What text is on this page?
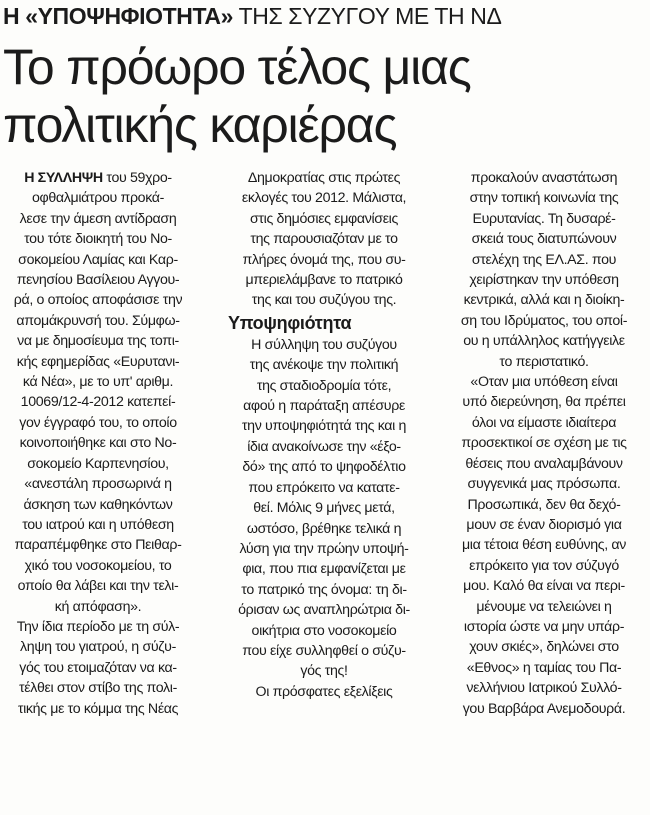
Η «ΥΠΟΨΗΦΙΟΤΗΤΑ» ΤΗΣ ΣΥΖΥΓΟΥ ΜΕ ΤΗ ΝΔ
Το πρόωρο τέλος μιας
πολιτικής καριέρας

Η ΣΥΛΛΗΨΗ του 59χρο-

οφθαλμιάτρου προκά-

λεσε την άμεση αντίδραση

του τότε διοικητή του Νο-

σοκομείου Λαμίας και Καρ-

πενησίου Βασίλειου Αγγου-

ρά, ο οποίος αποφάσισε την

απομάκρυνσή του. Σύμφω-

να με δημοσίευμα της τοπι-

κής εφημερίδας «Ευρυτανι-

κά Νέα», με το υπ' αριθμ.

10069/12-4-2012 κατεπεί-

γον έγγραφό του, το οποίο

κοινοποιήθηκε και στο Νο-

σοκομείο Καρπενησίου,

«ανεστάλη προσωρινά η

άσκηση των καθηκόντων

του ιατρού και η υπόθεση

παραπέμφθηκε στο Πειθαρ-

χικό του νοσοκομείου, το

οποίο θα λάβει και την τελι-

κή απόφαση».

Την ίδια περίοδο με τη σύλ-

ληψη του γιατρού, η σύζυ-

γός του ετοιμαζόταν να κα-

τέλθει στον στίβο της πολι-

τικής με το κόμμα της Νέας

Δημοκρατίας στις πρώτες

εκλογές του 2012. Μάλιστα,

στις δημόσιες εμφανίσεις

της παρουσιαζόταν με το

πλήρες όνομά της, που συ-

μπεριελάμβανε το πατρικό

της και του συζύγου της.

Υποψηφιότητα

Η σύλληψη του συζύγου

της ανέκοψε την πολιτική

της σταδιοδρομία τότε,

αφού η παράταξη απέσυρε

την υποψηφιότητά της και η

ίδια ανακοίνωσε την «έξο-

δό» της από το ψηφοδέλτιο

που επρόκειτο να κατατε-

θεί. Μόλις 9 μήνες μετά,

ωστόσο, βρέθηκε τελικά η

λύση για την πρώην υποψή-

φια, που πια εμφανίζεται με

το πατρικό της όνομα: τη δι-

όρισαν ως αναπληρώτρια δι-

οικήτρια στο νοσοκομείο

που είχε συλληφθεί ο σύζυ-

γός της!

Οι πρόσφατες εξελίξεις

προκαλούν αναστάτωση

στην τοπική κοινωνία της

Ευρυτανίας. Τη δυσαρέ-

σκειά τους διατυπώνουν

στελέχη της ΕΛ.ΑΣ. που

χειρίστηκαν την υπόθεση

κεντρικά, αλλά και η διοίκη-

ση του Ιδρύματος, του οποί-

ου η υπάλληλος κατήγγειλε

το περιστατικό.

«Οταν μια υπόθεση είναι

υπό διερεύνηση, θα πρέπει

όλοι να είμαστε ιδιαίτερα

προσεκτικοί σε σχέση με τις

θέσεις που αναλαμβάνουν

συγγενικά μας πρόσωπα.

Προσωπικά, δεν θα δεχό-

μουν σε έναν διορισμό για

μια τέτοια θέση ευθύνης, αν

επρόκειτο για τον σύζυγό

μου. Καλό θα είναι να περι-

μένουμε να τελειώνει η

ιστορία ώστε να μην υπάρ-

χουν σκιές», δηλώνει στο

«Εθνος» η ταμίας του Πα-

νελλήνιου Ιατρικού Συλλό-

γου Βαρβάρα Ανεμοδουρά.
